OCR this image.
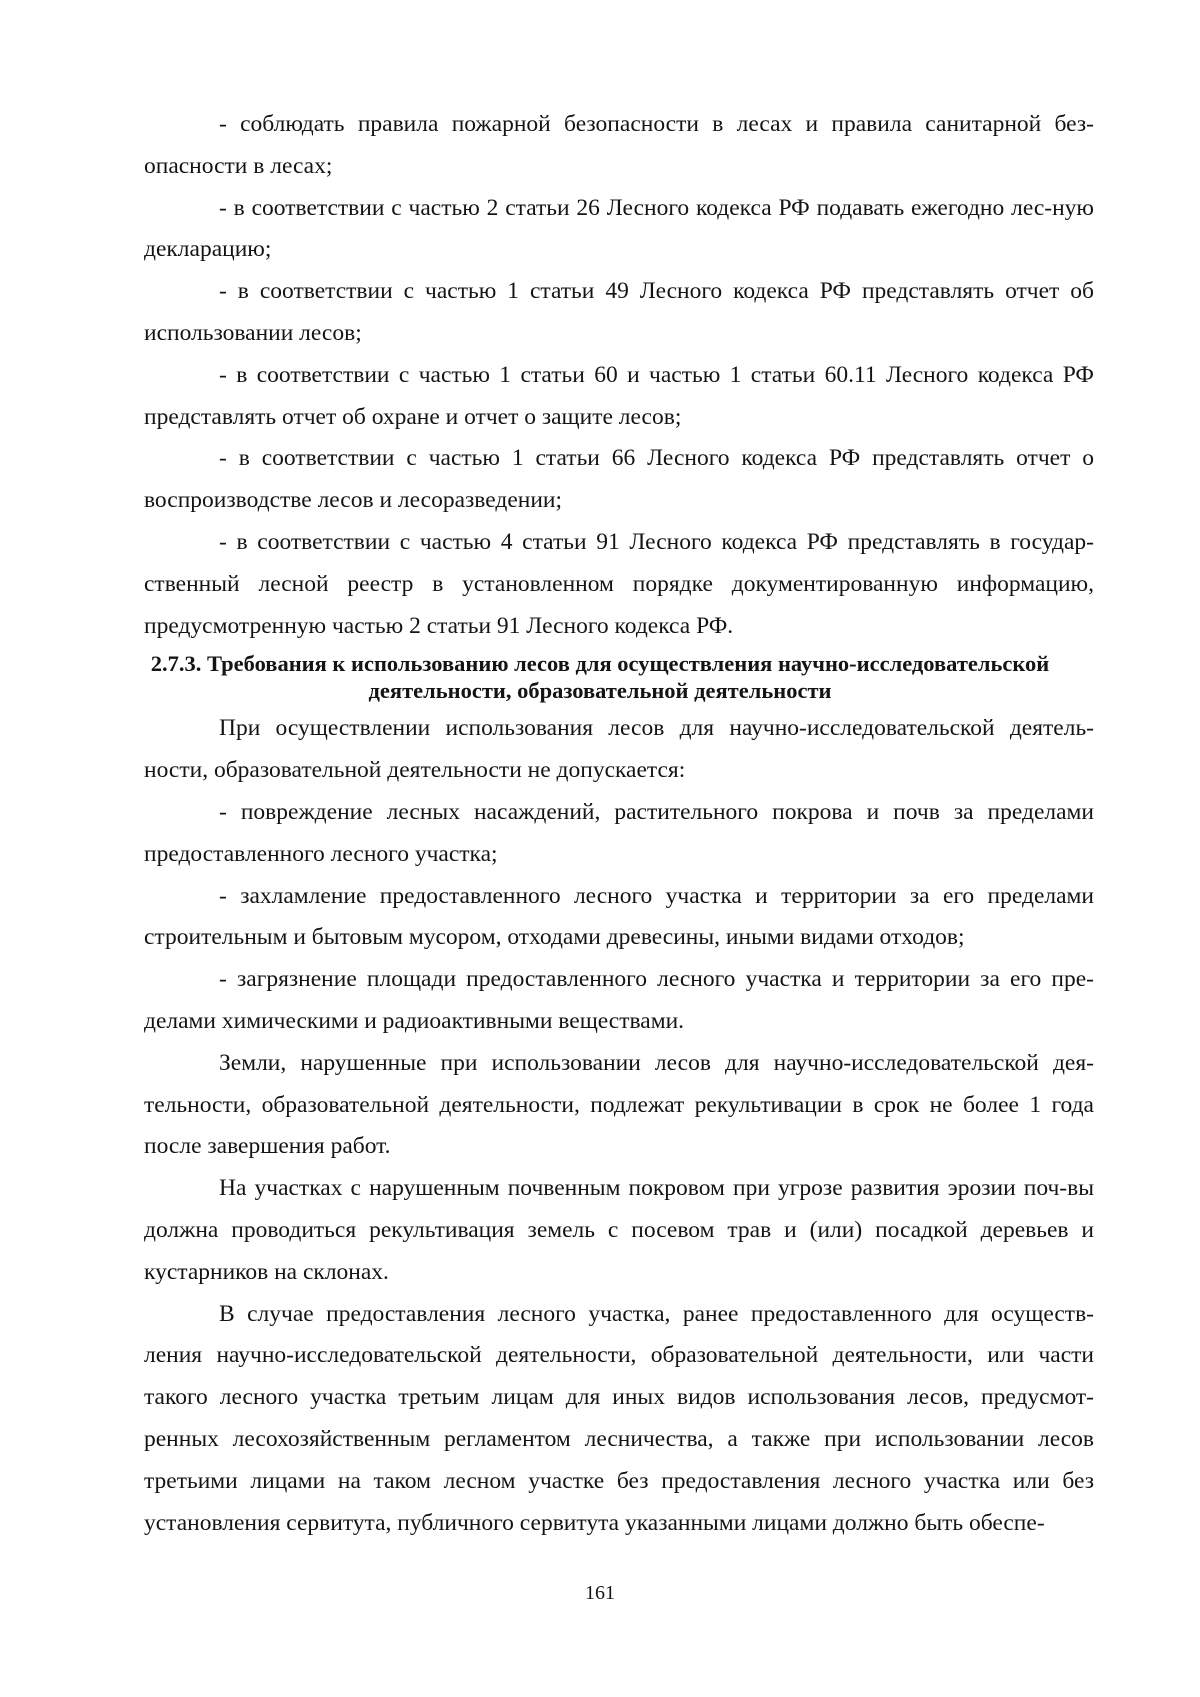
- соблюдать правила пожарной безопасности в лесах и правила санитарной без-опасности в лесах;

- в соответствии с частью 2 статьи 26 Лесного кодекса РФ подавать ежегодно лес-ную декларацию;

- в соответствии с частью 1 статьи 49 Лесного кодекса РФ представлять отчет об использовании лесов;

- в соответствии с частью 1 статьи 60 и частью 1 статьи 60.11 Лесного кодекса РФ представлять отчет об охране и отчет о защите лесов;

- в соответствии с частью 1 статьи 66 Лесного кодекса РФ представлять отчет о воспроизводстве лесов и лесоразведении;

- в соответствии с частью 4 статьи 91 Лесного кодекса РФ представлять в государ-ственный лесной реестр в установленном порядке документированную информацию, предусмотренную частью 2 статьи 91 Лесного кодекса РФ.

2.7.3. Требования к использованию лесов для осуществления научно-исследовательской
деятельности, образовательной деятельности

При осуществлении использования лесов для научно-исследовательской деятель-ности, образовательной деятельности не допускается:

- повреждение лесных насаждений, растительного покрова и почв за пределами предоставленного лесного участка;

- захламление предоставленного лесного участка и территории за его пределами строительным и бытовым мусором, отходами древесины, иными видами отходов;

- загрязнение площади предоставленного лесного участка и территории за его пре-делами химическими и радиоактивными веществами.

Земли, нарушенные при использовании лесов для научно-исследовательской дея-тельности, образовательной деятельности, подлежат рекультивации в срок не более 1 года после завершения работ.

На участках с нарушенным почвенным покровом при угрозе развития эрозии поч-вы должна проводиться рекультивация земель с посевом трав и (или) посадкой деревьев и кустарников на склонах.

В случае предоставления лесного участка, ранее предоставленного для осуществ-ления научно-исследовательской деятельности, образовательной деятельности, или части такого лесного участка третьим лицам для иных видов использования лесов, предусмот-ренных лесохозяйственным регламентом лесничества, а также при использовании лесов третьими лицами на таком лесном участке без предоставления лесного участка или без установления сервитута, публичного сервитута указанными лицами должно быть обеспе-

161
